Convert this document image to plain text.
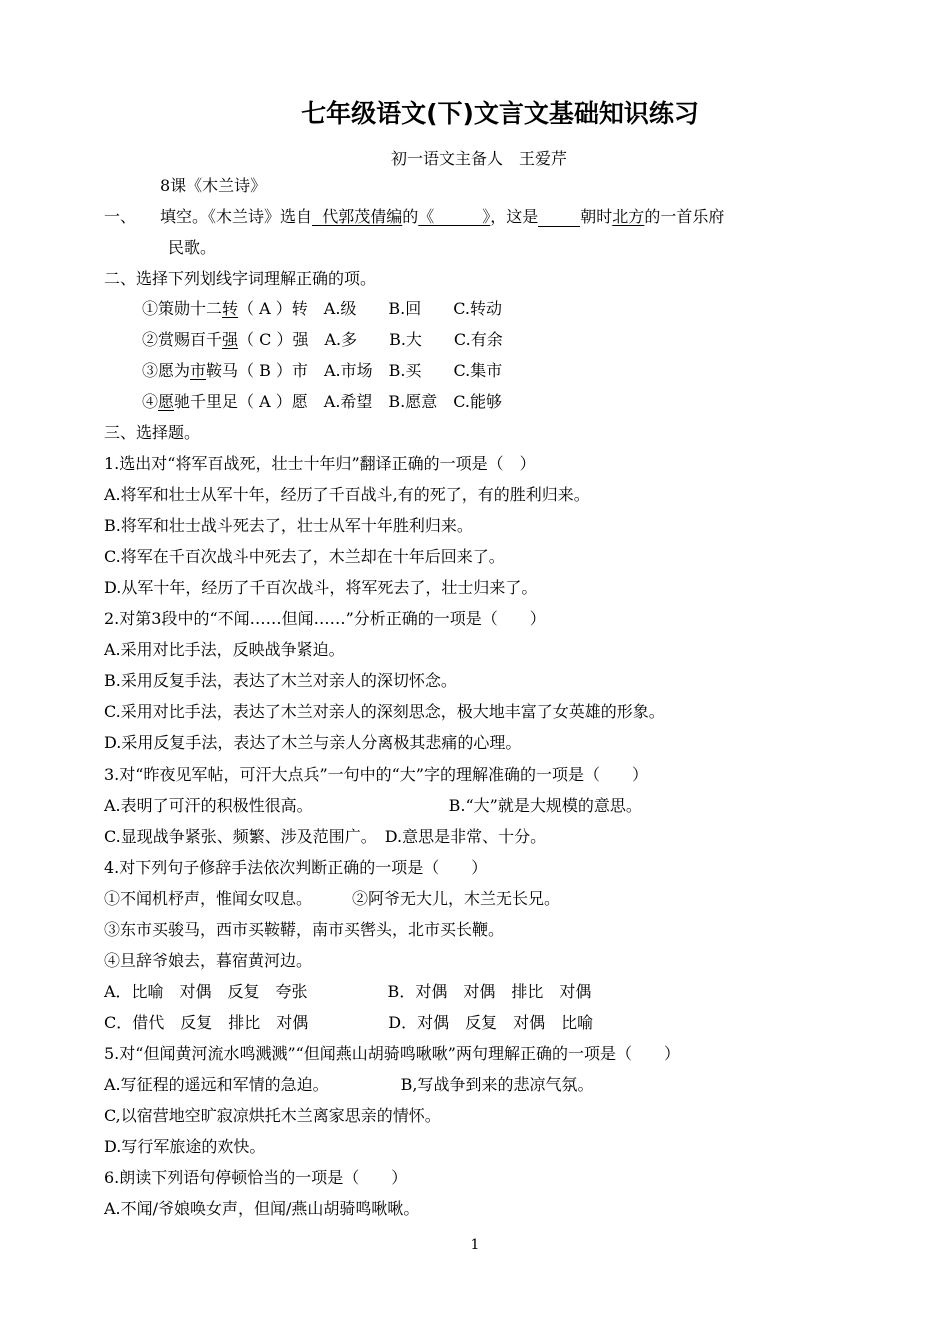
七年级语文(下)文言文基础知识练习
初一语文主备人　王爱芹
8课《木兰诗》
一、　　 填空。《木兰诗》选自 代郭茂倩编的《　　　》，这是	朝时北方的一首乐府
民歌。
二、选择下列划线字词理解正确的项。
①策勋十二转（ A ）转　A.级　　B.回　　C.转动
②赏赐百千强（ C ）强　A.多　　B.大　　C.有余
③愿为市鞍马（ B ）市　A.市场　B.买　　C.集市
④愿驰千里足（ A ）愿　A.希望　B.愿意　C.能够
三、选择题。
1.选出对“将军百战死，壮士十年归”翻译正确的一项是（　）
A.将军和壮士从军十年，经历了千百战斗,有的死了，有的胜利归来。
B.将军和壮士战斗死去了，壮士从军十年胜利归来。
C.将军在千百次战斗中死去了，木兰却在十年后回来了。
D.从军十年，经历了千百次战斗，将军死去了，壮士归来了。
2.对第3段中的“不闻……但闻……”分析正确的一项是（　　）
A.采用对比手法，反映战争紧迫。
B.采用反复手法，表达了木兰对亲人的深切怀念。
C.采用对比手法，表达了木兰对亲人的深刻思念，极大地丰富了女英雄的形象。
D.采用反复手法，表达了木兰与亲人分离极其悲痛的心理。
3.对“昨夜见军帖，可汗大点兵”一句中的“大”字的理解准确的一项是（　　）
A.表明了可汗的积极性很高。　　　　　　　　　B.“大”就是大规模的意思。
C.显现战争紧张、频繁、涉及范围广。　D.意思是非常、十分。
4.对下列句子修辞手法依次判断正确的一项是（　　）
①不闻机杼声，惟闻女叹息。　　　②阿爷无大儿，木兰无长兄。
③东市买骏马，西市买鞍鞯，南市买辔头，北市买长鞭。
④旦辞爷娘去，暮宿黄河边。
A．比喻　对偶　反复　夸张　　　　　B．对偶　对偶　排比　对偶
C．借代　反复　排比　对偶　　　　　D．对偶　反复　对偶　比喻
5.对“但闻黄河流水鸣溅溅”“但闻燕山胡骑鸣啾啾”两句理解正确的一项是（　　）
A.写征程的遥远和军情的急迫。　　　　　B,写战争到来的悲凉气氛。
C,以宿营地空旷寂凉烘托木兰离家思亲的情怀。
D.写行军旅途的欢快。
6.朗读下列语句停顿恰当的一项是（　　）
A.不闻/爷娘唤女声，但闻/燕山胡骑鸣啾啾。
1
